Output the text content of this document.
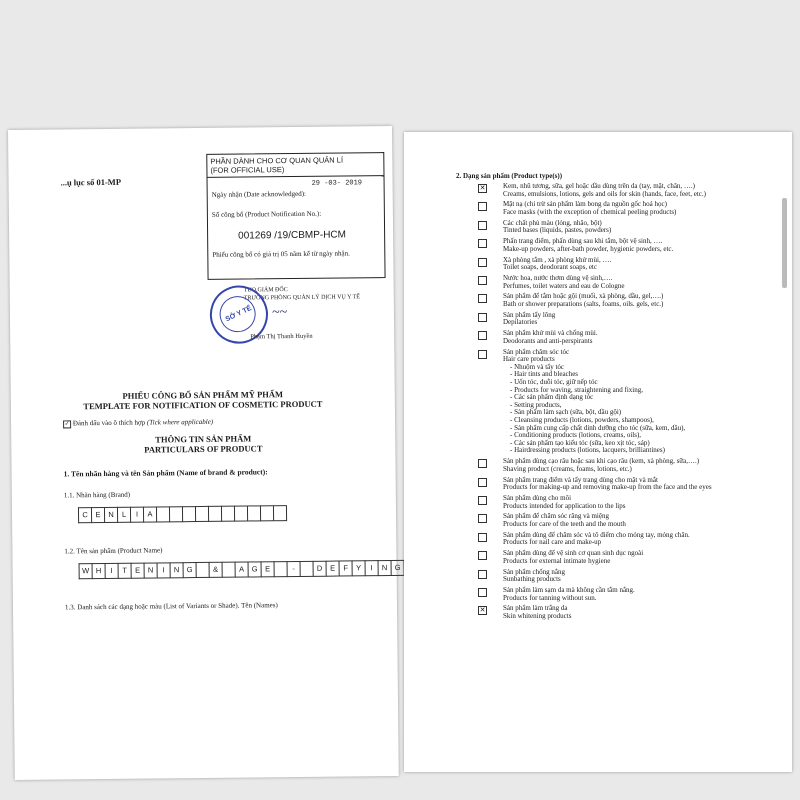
...ụ lục số 01-MP
PHẦN DÀNH CHO CƠ QUAN QUẢN LÍ
(FOR OFFICIAL USE)
29 -03- 2019
Ngày nhận (Date acknowledged):
Số công bố (Product Notification No.):
001269 /19/CBMP-HCM
Phiếu công bố có giá trị 05 năm kể từ ngày nhận.
TUQ.GIÁM ĐỐC
TRƯỞNG PHÒNG QUẢN LÝ DỊCH VỤ Y TẾ
SỞ Y TẾ	~~
Phạm Thị Thanh Huyền
PHIẾU CÔNG BỐ SẢN PHẨM MỸ PHẨM
TEMPLATE FOR NOTIFICATION OF COSMETIC PRODUCT
✓ Đánh dấu vào ô thích hợp (Tick where applicable)
THÔNG TIN SẢN PHẨM
PARTICULARS OF PRODUCT
1. Tên nhãn hàng và tên Sản phẩm (Name of brand & product):
1.1. Nhãn hàng (Brand)
C	E	N	L	I	A
1.2. Tên sản phẩm (Product Name)
W H	I	T	E	N	I	N G	&	A G E	-	D	E	F	Y	I	N G
1.3. Danh sách các dạng hoặc màu (List of Variants or Shade). Tên (Names)
2. Dạng sản phẩm (Product type(s))
✕	Kem, nhũ tương, sữa, gel hoặc dầu dùng trên da (tay, mặt, chân, ….)
Creams, emulsions, lotions, gels and oils for skin (hands, face, feet, etc.)
Mặt nạ (chỉ trừ sản phẩm làm bong da nguồn gốc hoá học)
Face masks (with the exception of chemical peeling products)
Các chất phủ màu (lỏng, nhão, bột)
Tinted bases (liquids, pastes, powders)
Phấn trang điểm, phấn dùng sau khi tắm, bột vệ sinh, ….
Make-up powders, after-bath powder, hygienic powders, etc.
Xà phòng tắm , xà phòng khử mùi, ….
Toilet soaps, deodorant soaps, etc
Nước hoa, nước thơm dùng vệ sinh,….
Perfumes, toilet waters and eau de Cologne
Sản phẩm để tắm hoặc gội (muối, xà phòng, dầu, gel,….)
Bath or shower preparations (salts, foams, oils. gels, etc.)
Sản phẩm tẩy lông
Depilatories
Sản phẩm khử mùi và chống mùi.
Deodorants and anti-perspirants
Sản phẩm chăm sóc tóc
Hair care products
- Nhuộm và tẩy tóc
- Hair tints and bleaches
- Uốn tóc, duỗi tóc, giữ nếp tóc
- Products for waving, straightening and fixing,
- Các sản phẩm định dạng tóc
- Setting products,
- Sản phẩm làm sạch (sữa, bột, dầu gội)
- Cleansing products (lotions, powders, shampoos),
- Sản phẩm cung cấp chất dinh dưỡng cho tóc (sữa, kem, dầu),
- Conditioning products (lotions, creams, oils),
- Các sản phẩm tạo kiểu tóc (sữa, keo xịt tóc, sáp)
- Hairdressing products (lotions, lacquers, brilliantines)
Sản phẩm dùng cạo râu hoặc sau khi cạo râu (kem, xà phòng, sữa,….)
Shaving product (creams, foams, lotions, etc.)
Sản phẩm trang điểm và tẩy trang dùng cho mặt và mắt
Products for making-up and removing make-up from the face and the eyes
Sản phẩm dùng cho môi
Products intended for application to the lips
Sản phẩm để chăm sóc răng và miệng
Products for care of the teeth and the mouth
Sản phẩm dùng để chăm sóc và tô điểm cho móng tay, móng chân.
Products for nail care and make-up
Sản phẩm dùng để vệ sinh cơ quan sinh dục ngoài
Products for external intimate hygiene
Sản phẩm chống nắng
Sunbathing products
Sản phẩm làm sạm da mà không cần tắm nắng.
Products for tanning without sun.
✕	Sản phẩm làm trắng da
Skin whitening products
